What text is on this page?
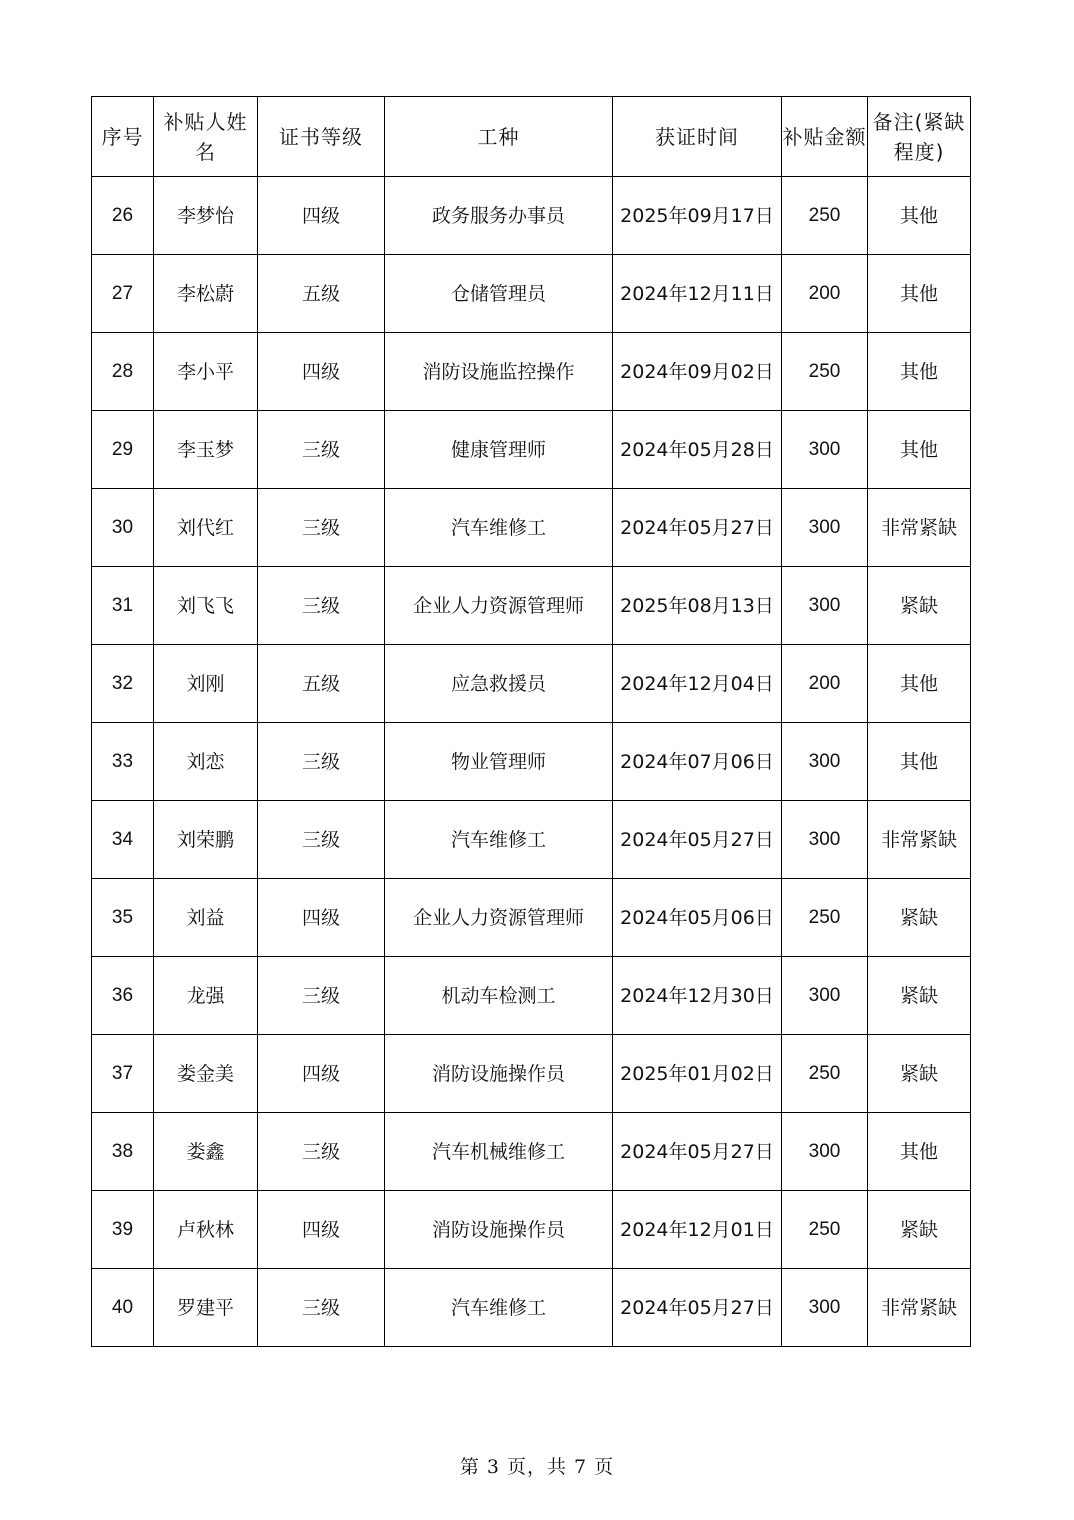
序号	补贴人姓名	证书等级	工种	获证时间	补贴金额	备注(紧缺程度)
26	李梦怡	四级	政务服务办事员	2025年09月17日	250	其他
27	李松蔚	五级	仓储管理员	2024年12月11日	200	其他
28	李小平	四级	消防设施监控操作	2024年09月02日	250	其他
29	李玉梦	三级	健康管理师	2024年05月28日	300	其他
30	刘代红	三级	汽车维修工	2024年05月27日	300	非常紧缺
31	刘飞飞	三级	企业人力资源管理师	2025年08月13日	300	紧缺
32	刘刚	五级	应急救援员	2024年12月04日	200	其他
33	刘恋	三级	物业管理师	2024年07月06日	300	其他
34	刘荣鹏	三级	汽车维修工	2024年05月27日	300	非常紧缺
35	刘益	四级	企业人力资源管理师	2024年05月06日	250	紧缺
36	龙强	三级	机动车检测工	2024年12月30日	300	紧缺
37	娄金美	四级	消防设施操作员	2025年01月02日	250	紧缺
38	娄鑫	三级	汽车机械维修工	2024年05月27日	300	其他
39	卢秋林	四级	消防设施操作员	2024年12月01日	250	紧缺
40	罗建平	三级	汽车维修工	2024年05月27日	300	非常紧缺
第 3 页，共 7 页
